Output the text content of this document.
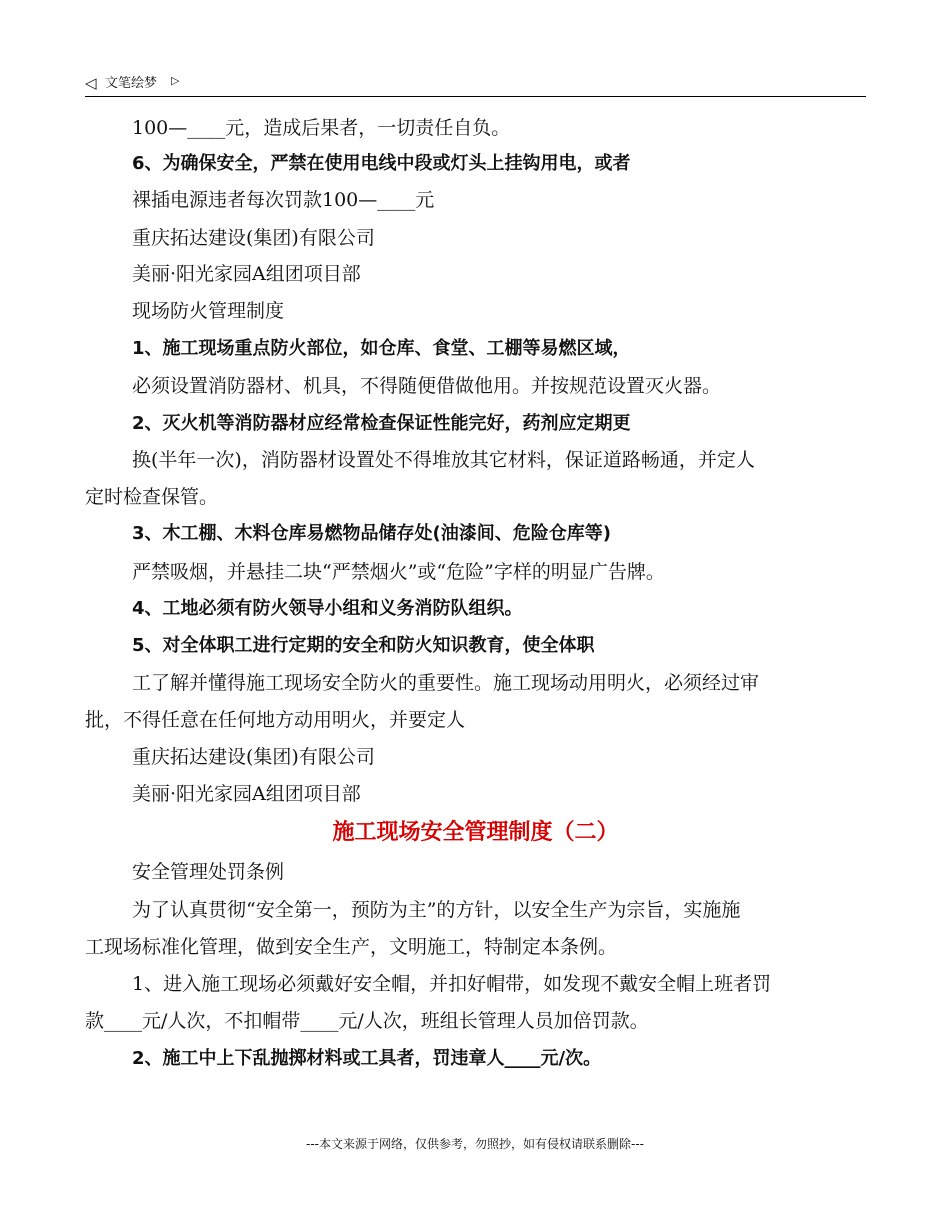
◁ 文笔绘梦 ▷
100—____元，造成后果者，一切责任自负。
6、为确保安全，严禁在使用电线中段或灯头上挂钩用电，或者
裸插电源违者每次罚款100—____元
重庆拓达建设(集团)有限公司
美丽·阳光家园A组团项目部
现场防火管理制度
1、施工现场重点防火部位，如仓库、食堂、工棚等易燃区域，
必须设置消防器材、机具，不得随便借做他用。并按规范设置灭火器。
2、灭火机等消防器材应经常检查保证性能完好，药剂应定期更
换(半年一次)，消防器材设置处不得堆放其它材料，保证道路畅通，并定人
定时检查保管。
3、木工棚、木料仓库易燃物品储存处(油漆间、危险仓库等)
严禁吸烟，并悬挂二块“严禁烟火”或“危险”字样的明显广告牌。
4、工地必须有防火领导小组和义务消防队组织。
5、对全体职工进行定期的安全和防火知识教育，使全体职
工了解并懂得施工现场安全防火的重要性。施工现场动用明火，必须经过审
批，不得任意在任何地方动用明火，并要定人
重庆拓达建设(集团)有限公司
美丽·阳光家园A组团项目部
施工现场安全管理制度（二）
安全管理处罚条例
为了认真贯彻“安全第一，预防为主”的方针，以安全生产为宗旨，实施施
工现场标准化管理，做到安全生产，文明施工，特制定本条例。
1、进入施工现场必须戴好安全帽，并扣好帽带，如发现不戴安全帽上班者罚
款____元/人次，不扣帽带____元/人次，班组长管理人员加倍罚款。
2、施工中上下乱抛掷材料或工具者，罚违章人____元/次。
---本文来源于网络，仅供参考，勿照抄，如有侵权请联系删除---
